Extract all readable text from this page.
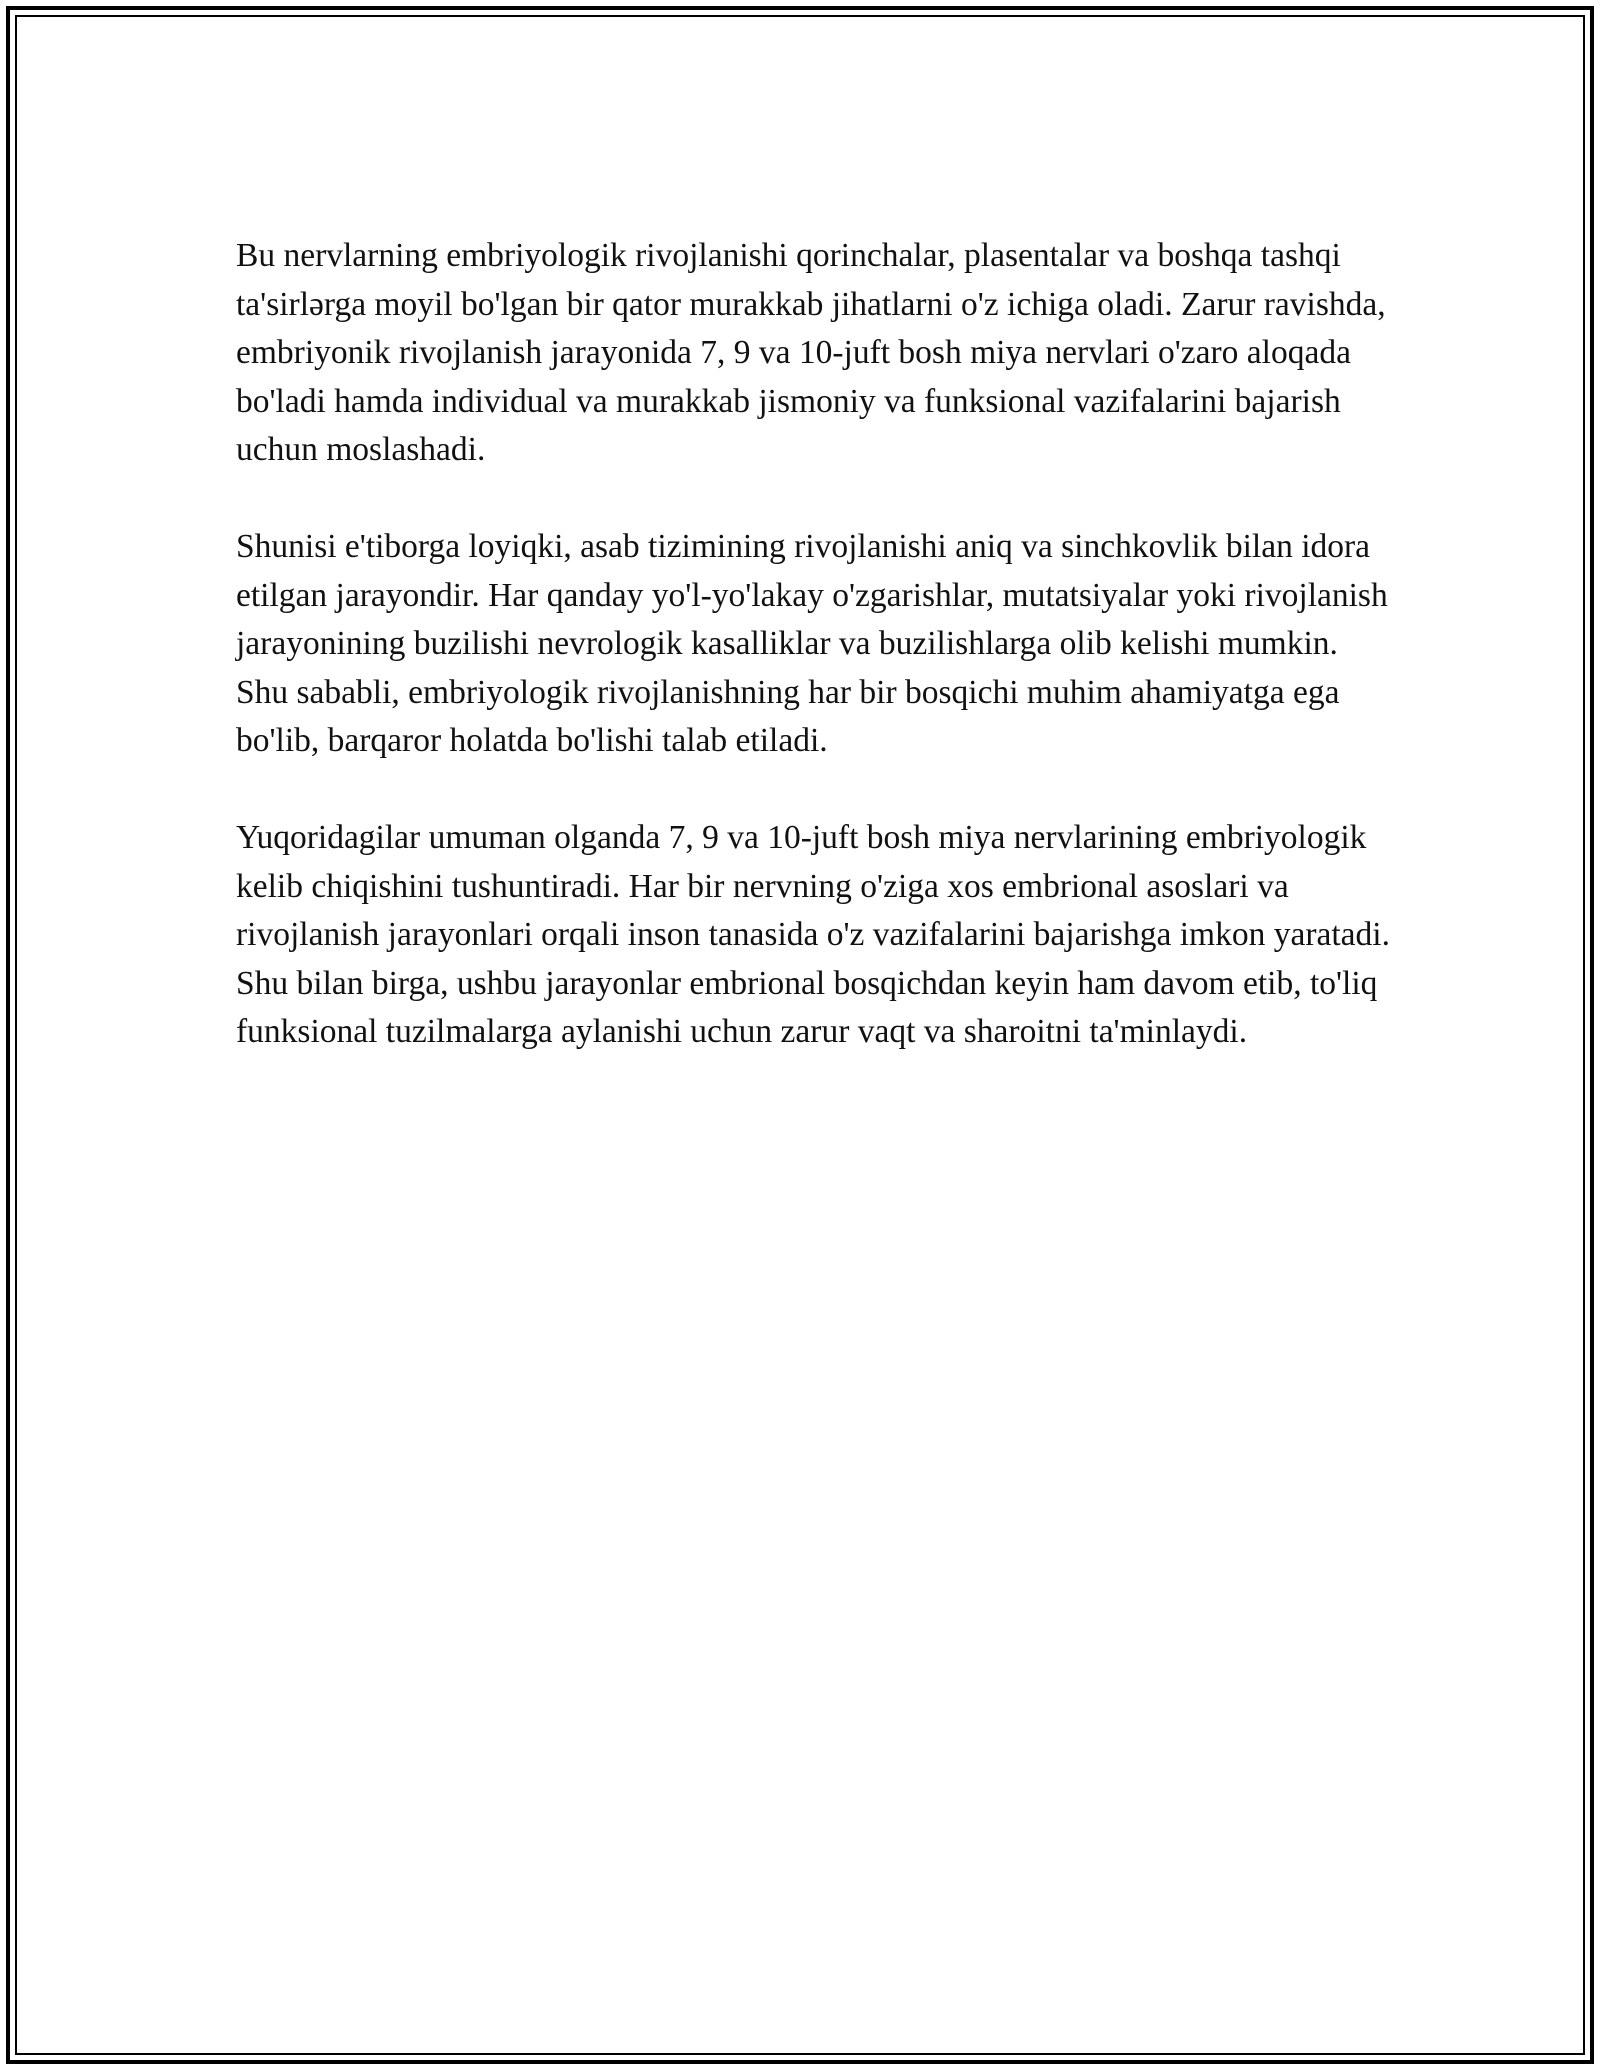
Bu nervlarning embriyologik rivojlanishi qorinchalar, plasentalar va boshqa tashqi ta'sirlərga moyil bo'lgan bir qator murakkab jihatlarni o'z ichiga oladi. Zarur ravishda, embriyonik rivojlanish jarayonida 7, 9 va 10-juft bosh miya nervlari o'zaro aloqada bo'ladi hamda individual va murakkab jismoniy va funksional vazifalarini bajarish uchun moslashadi.

Shunisi e'tiborga loyiqki, asab tizimining rivojlanishi aniq va sinchkovlik bilan idora etilgan jarayondir. Har qanday yo'l-yo'lakay o'zgarishlar, mutatsiyalar yoki rivojlanish jarayonining buzilishi nevrologik kasalliklar va buzilishlarga olib kelishi mumkin. Shu sababli, embriyologik rivojlanishning har bir bosqichi muhim ahamiyatga ega bo'lib, barqaror holatda bo'lishi talab etiladi.

Yuqoridagilar umuman olganda 7, 9 va 10-juft bosh miya nervlarining embriyologik kelib chiqishini tushuntiradi. Har bir nervning o'ziga xos embrional asoslari va rivojlanish jarayonlari orqali inson tanasida o'z vazifalarini bajarishga imkon yaratadi. Shu bilan birga, ushbu jarayonlar embrional bosqichdan keyin ham davom etib, to'liq funksional tuzilmalarga aylanishi uchun zarur vaqt va sharoitni ta'minlaydi.
